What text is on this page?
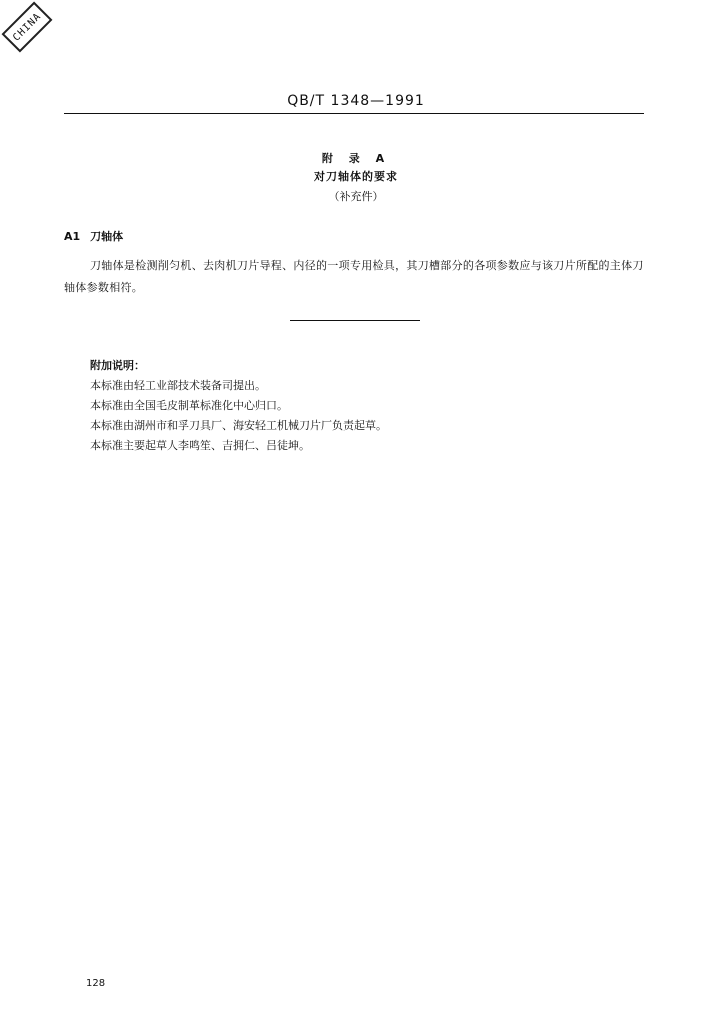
CHINA
QB/T 1348—1991
附 录 A
对刀轴体的要求
（补充件）
A1 刀轴体
刀轴体是检测削匀机、去肉机刀片导程、内径的一项专用检具，其刀槽部分的各项参数应与该刀片所配的主体刀轴体参数相符。
附加说明：
本标准由轻工业部技术装备司提出。
本标准由全国毛皮制革标准化中心归口。
本标准由湖州市和孚刀具厂、海安轻工机械刀片厂负责起草。
本标准主要起草人李鸣笙、吉拥仁、吕徒坤。
128
